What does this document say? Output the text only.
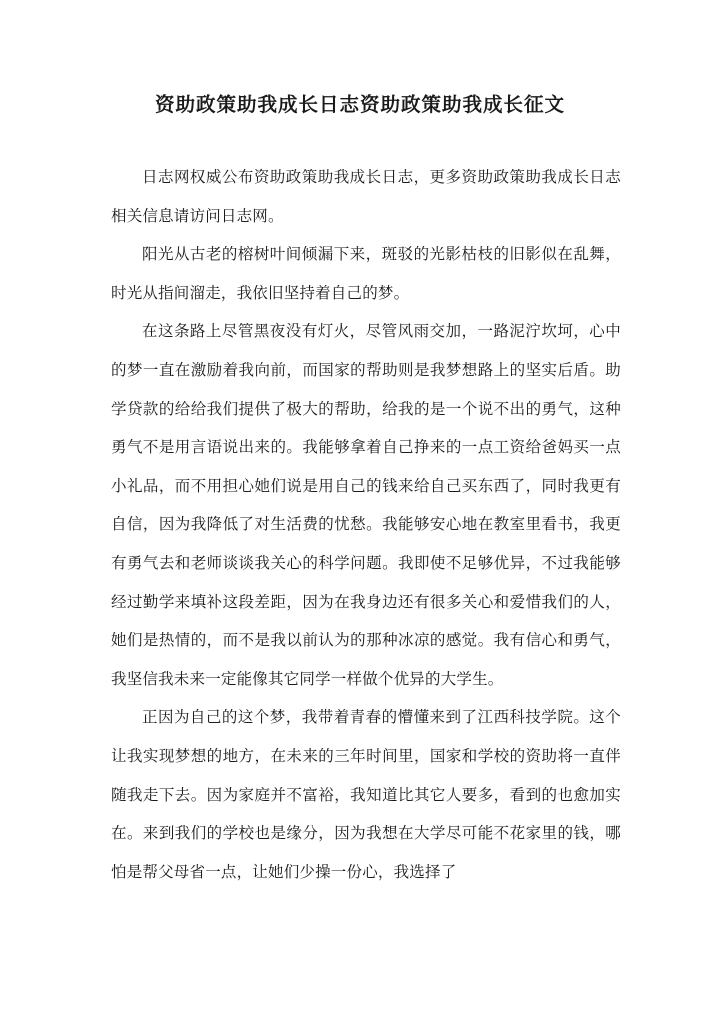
资助政策助我成长日志资助政策助我成长征文

日志网权威公布资助政策助我成长日志，更多资助政策助我成长日志相关信息请访问日志网。

阳光从古老的榕树叶间倾漏下来，斑驳的光影枯枝的旧影似在乱舞，时光从指间溜走，我依旧坚持着自己的梦。

在这条路上尽管黑夜没有灯火，尽管风雨交加，一路泥泞坎坷，心中的梦一直在激励着我向前，而国家的帮助则是我梦想路上的坚实后盾。助学贷款的给给我们提供了极大的帮助，给我的是一个说不出的勇气，这种勇气不是用言语说出来的。我能够拿着自己挣来的一点工资给爸妈买一点小礼品，而不用担心她们说是用自己的钱来给自己买东西了，同时我更有自信，因为我降低了对生活费的忧愁。我能够安心地在教室里看书，我更有勇气去和老师谈谈我关心的科学问题。我即使不足够优异，不过我能够经过勤学来填补这段差距，因为在我身边还有很多关心和爱惜我们的人，她们是热情的，而不是我以前认为的那种冰凉的感觉。我有信心和勇气，我坚信我未来一定能像其它同学一样做个优异的大学生。

正因为自己的这个梦，我带着青春的懵懂来到了江西科技学院。这个让我实现梦想的地方，在未来的三年时间里，国家和学校的资助将一直伴随我走下去。因为家庭并不富裕，我知道比其它人要多，看到的也愈加实在。来到我们的学校也是缘分，因为我想在大学尽可能不花家里的钱，哪怕是帮父母省一点，让她们少操一份心，我选择了
